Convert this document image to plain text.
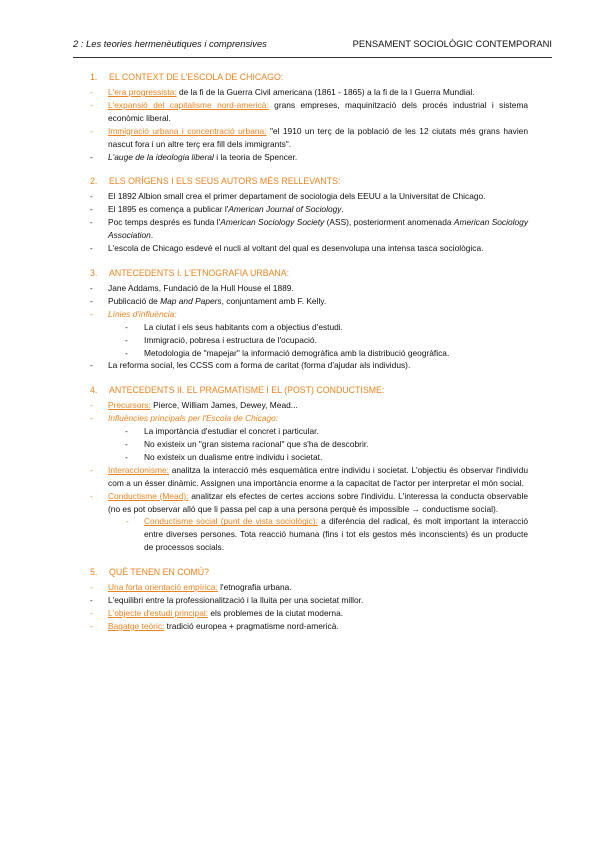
2 : Les teories hermenèutiques i comprensives	PENSAMENT SOCIOLÒGIC CONTEMPORANI
1. EL CONTEXT DE L'ESCOLA DE CHICAGO:
- L'era progressista: de la fi de la Guerra Civil americana (1861 - 1865) a la fi de la I Guerra Mundial.
- L'expansió del capitalisme nord-americà: grans empreses, maquinització dels procés industrial i sistema econòmic liberal.
- Immigració urbana i concentració urbana: "el 1910 un terç de la població de les 12 ciutats més grans havien nascut fora i un altre terç era fill dels immigrants".
- L'auge de la ideologia liberal i la teoria de Spencer.
2. ELS ORÍGENS I ELS SEUS AUTORS MÉS RELLEVANTS:
- El 1892 Albion small crea el primer departament de sociologia dels EEUU a la Universitat de Chicago.
- El 1895 es comença a publicar l'American Journal of Sociology.
- Poc temps després es funda l'American Sociology Society (ASS), posteriorment anomenada American Sociology Association.
- L'escola de Chicago esdevé el nucli al voltant del qual es desenvolupa una intensa tasca sociològica.
3. ANTECEDENTS I. L'ETNOGRAFIA URBANA:
- Jane Addams, Fundació de la Hull House el 1889.
- Publicació de Map and Papers, conjuntament amb F. Kelly.
- Línies d'influència:
- La ciutat i els seus habitants com a objectius d'estudi.
- Immigració, pobresa i estructura de l'ocupació.
- Metodologia de "mapejar" la informació demogràfica amb la distribució geogràfica.
- La reforma social, les CCSS com a forma de caritat (forma d'ajudar als individus).
4. ANTECEDENTS II. EL PRAGMATISME I EL (POST) CONDUCTISME:
- Precursors: Pierce, William James, Dewey, Mead...
- Influències principals per l'Escola de Chicago:
- La importància d'estudiar el concret i particular.
- No existeix un "gran sistema racional" que s'ha de descobrir.
- No existeix un dualisme entre individu i societat.
- Interaccionisme: analitza la interacció més esquemàtica entre individu i societat. L'objectiu és observar l'individu com a un ésser dinàmic. Assignen una importància enorme a la capacitat de l'actor per interpretar el món social.
- Conductisme (Mead): analitzar els efectes de certes accions sobre l'individu. L'interessa la conducta observable (no es pot observar allò que li passa pel cap a una persona perquè és impossible → conductisme social).
- Conductisme social (punt de vista sociològic): a diferència del radical, és molt important la interacció entre diverses persones. Tota reacció humana (fins i tot els gestos més inconscients) és un producte de processos socials.
5. QUÈ TENEN EN COMÚ?
- Una forta orientació empírica: l'etnografia urbana.
- L'equilibri entre la professionalització i la lluita per una societat millor.
- L'objecte d'estudi principal: els problemes de la ciutat moderna.
- Bagatge teòric: tradició europea + pragmatisme nord-americà.
